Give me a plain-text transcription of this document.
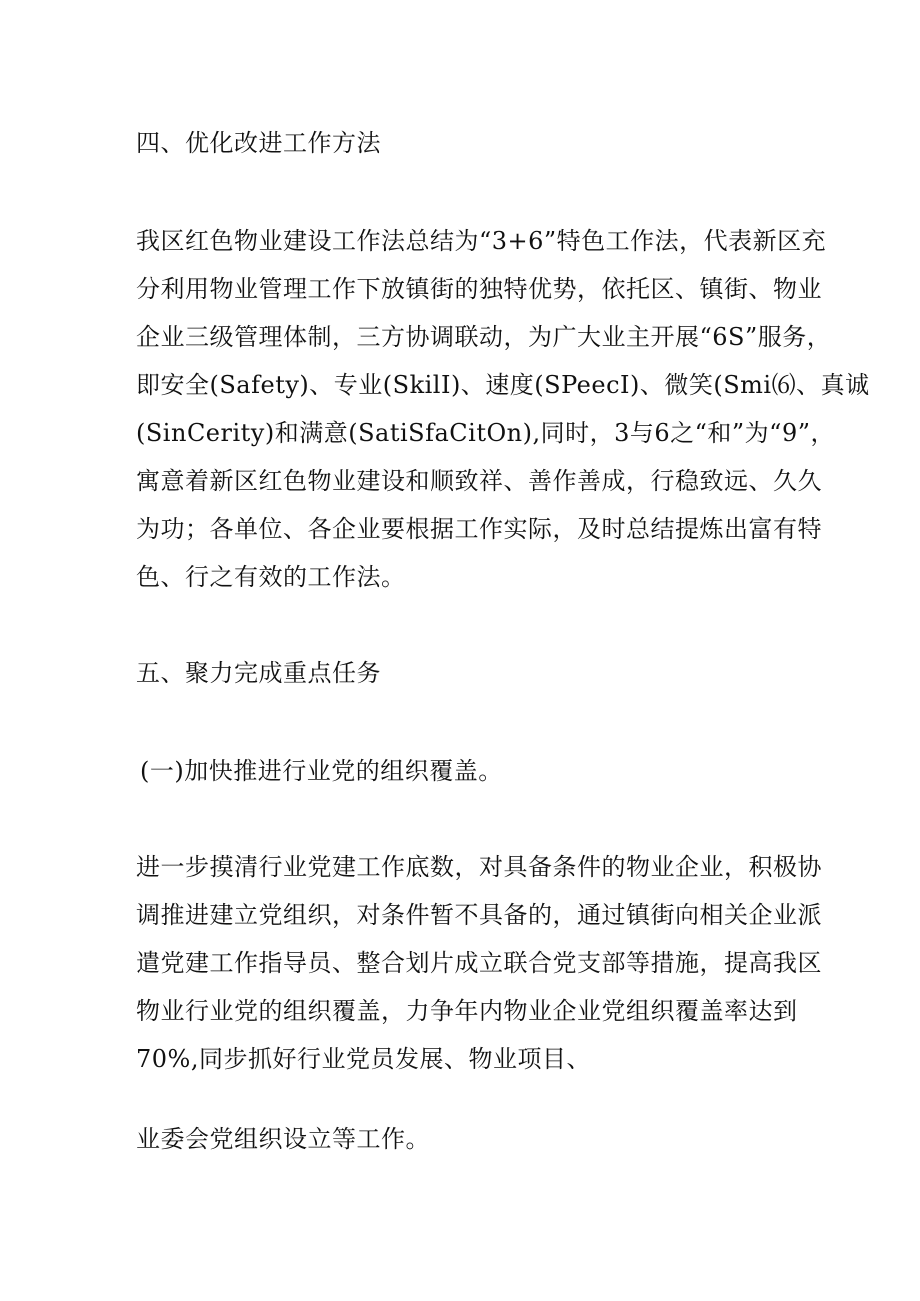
四、优化改进工作方法
我区红色物业建设工作法总结为“3+6”特色工作法，代表新区充
分利用物业管理工作下放镇街的独特优势，依托区、镇街、物业
企业三级管理体制，三方协调联动，为广大业主开展“6S”服务，
即安全(Safety)、专业(SkilI)、速度(SPeecI)、微笑(Smi⑹、真诚
(SinCerity)和满意(SatiSfaCitOn),同时，3与6之“和”为“9”，
寓意着新区红色物业建设和顺致祥、善作善成，行稳致远、久久
为功；各单位、各企业要根据工作实际，及时总结提炼出富有特
色、行之有效的工作法。
五、聚力完成重点任务
(一)加快推进行业党的组织覆盖。
进一步摸清行业党建工作底数，对具备条件的物业企业，积极协
调推进建立党组织，对条件暂不具备的，通过镇街向相关企业派
遣党建工作指导员、整合划片成立联合党支部等措施，提高我区
物业行业党的组织覆盖，力争年内物业企业党组织覆盖率达到
70%,同步抓好行业党员发展、物业项目、
业委会党组织设立等工作。
